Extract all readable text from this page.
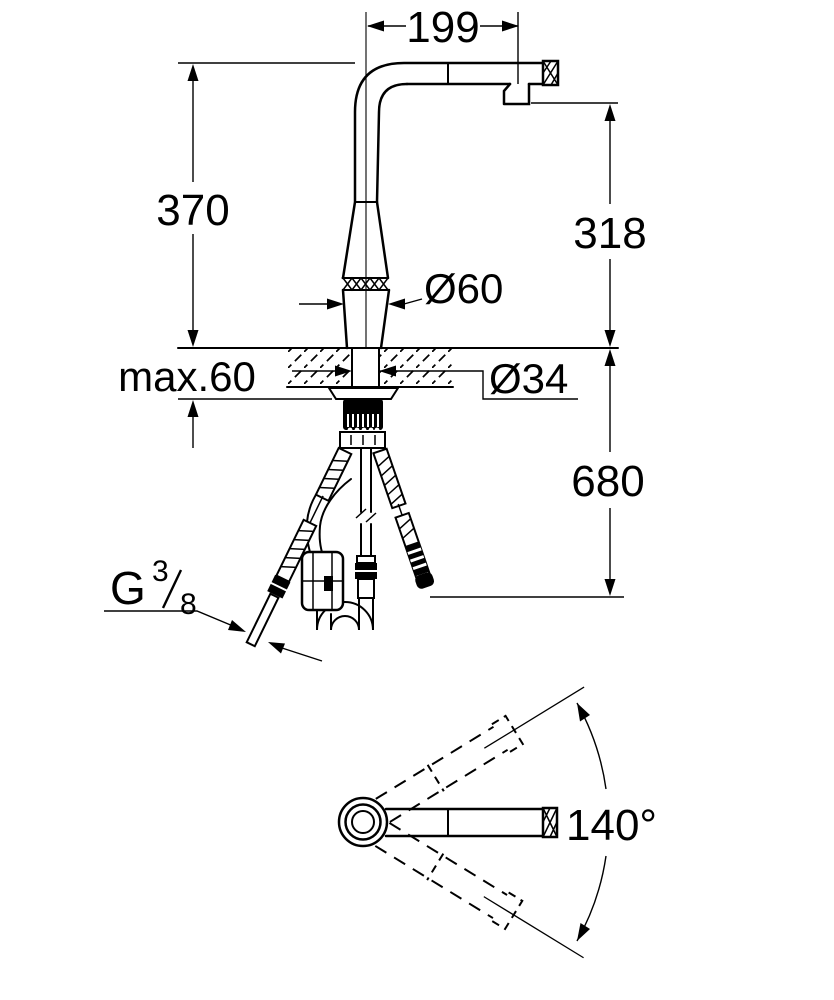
199
370
max.60
Ø60
Ø34
318
680
G 3
8
140°
